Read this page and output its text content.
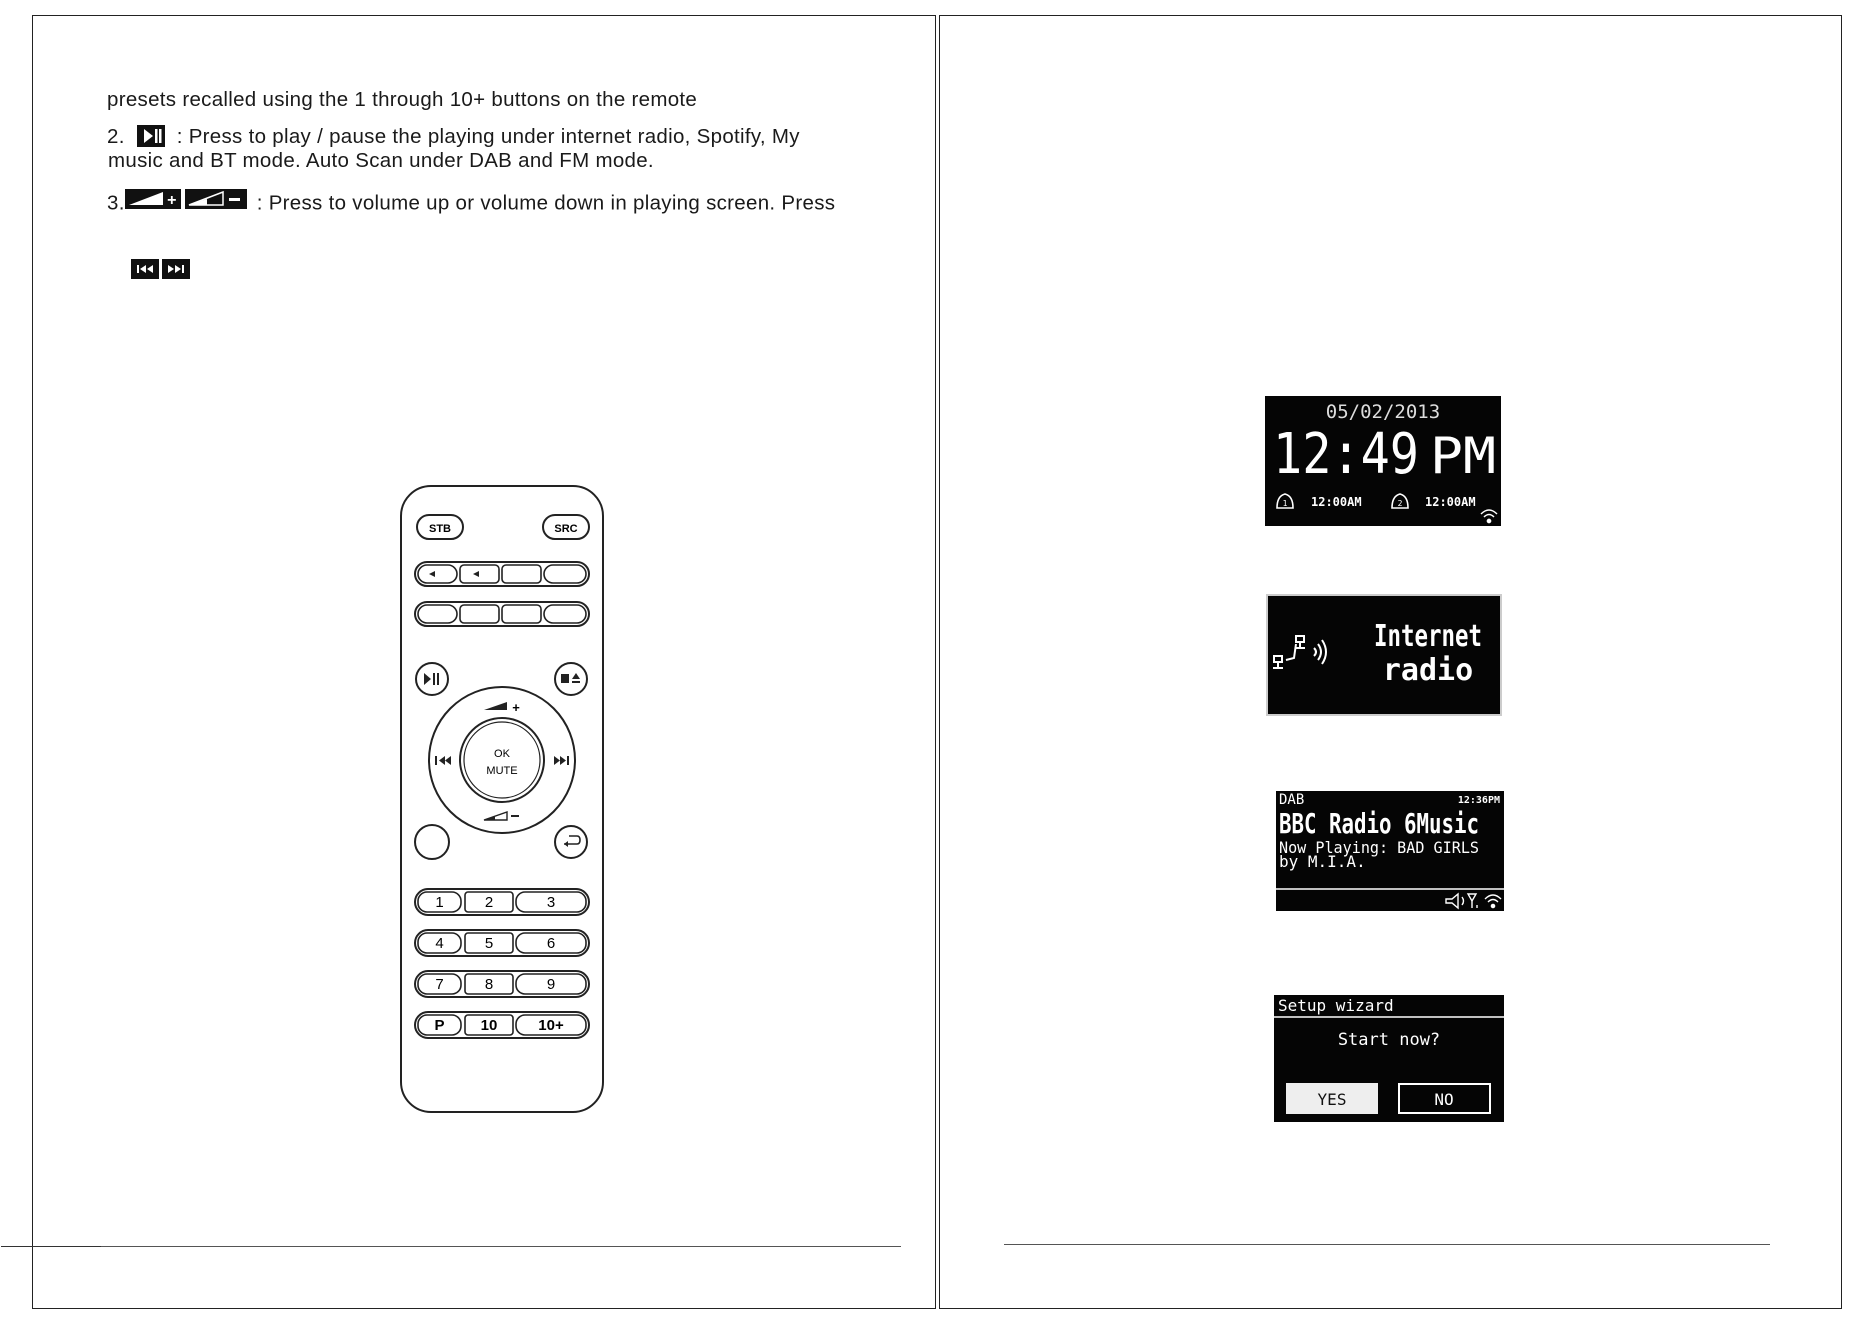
presets recalled using the 1 through 10+ buttons on the remote
2.	: Press to play / pause the playing under internet radio, Spotify, My
music and BT mode. Auto Scan under DAB and FM mode.
3.	+	: Press to volume up or volume down in playing screen. Press
STB	SRC
OK
MUTE
+
1	2	3
4	5	6
7	8	9
P 10	10+
05/02/2013
12:49 PM
1 12:00AM	2 12:00AM
Internet
radio
DAB	12:36PM
BBC Radio 6Music
Now Playing: BAD GIRLS
by M.I.A.
Setup wizard
Start now?
YES	NO
